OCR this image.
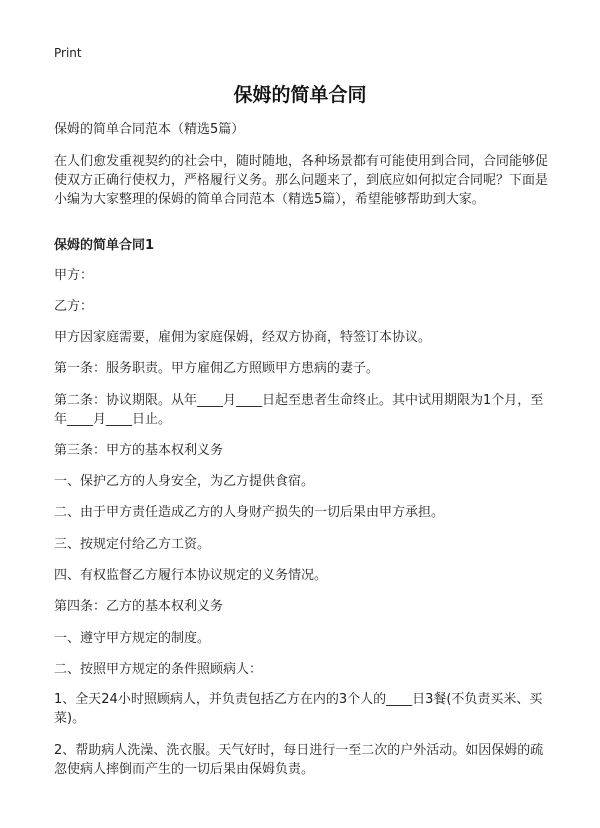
Print
保姆的简单合同

保姆的简单合同范本（精选5篇）

在人们愈发重视契约的社会中，随时随地，各种场景都有可能使用到合同，合同能够促使双方正确行使权力，严格履行义务。那么问题来了，到底应如何拟定合同呢？下面是小编为大家整理的保姆的简单合同范本（精选5篇），希望能够帮助到大家。

保姆的简单合同1

甲方：

乙方：

甲方因家庭需要，雇佣为家庭保姆，经双方协商，特签订本协议。

第一条：服务职责。甲方雇佣乙方照顾甲方患病的妻子。

第二条：协议期限。从年____月____日起至患者生命终止。其中试用期限为1个月，至年____月____日止。

第三条：甲方的基本权利义务

一、保护乙方的人身安全，为乙方提供食宿。

二、由于甲方责任造成乙方的人身财产损失的一切后果由甲方承担。

三、按规定付给乙方工资。

四、有权监督乙方履行本协议规定的义务情况。

第四条：乙方的基本权利义务

一、遵守甲方规定的制度。

二、按照甲方规定的条件照顾病人：

1、全天24小时照顾病人，并负责包括乙方在内的3个人的____日3餐(不负责买米、买菜)。

2、帮助病人洗澡、洗衣服。天气好时，每日进行一至二次的户外活动。如因保姆的疏忽使病人摔倒而产生的一切后果由保姆负责。
